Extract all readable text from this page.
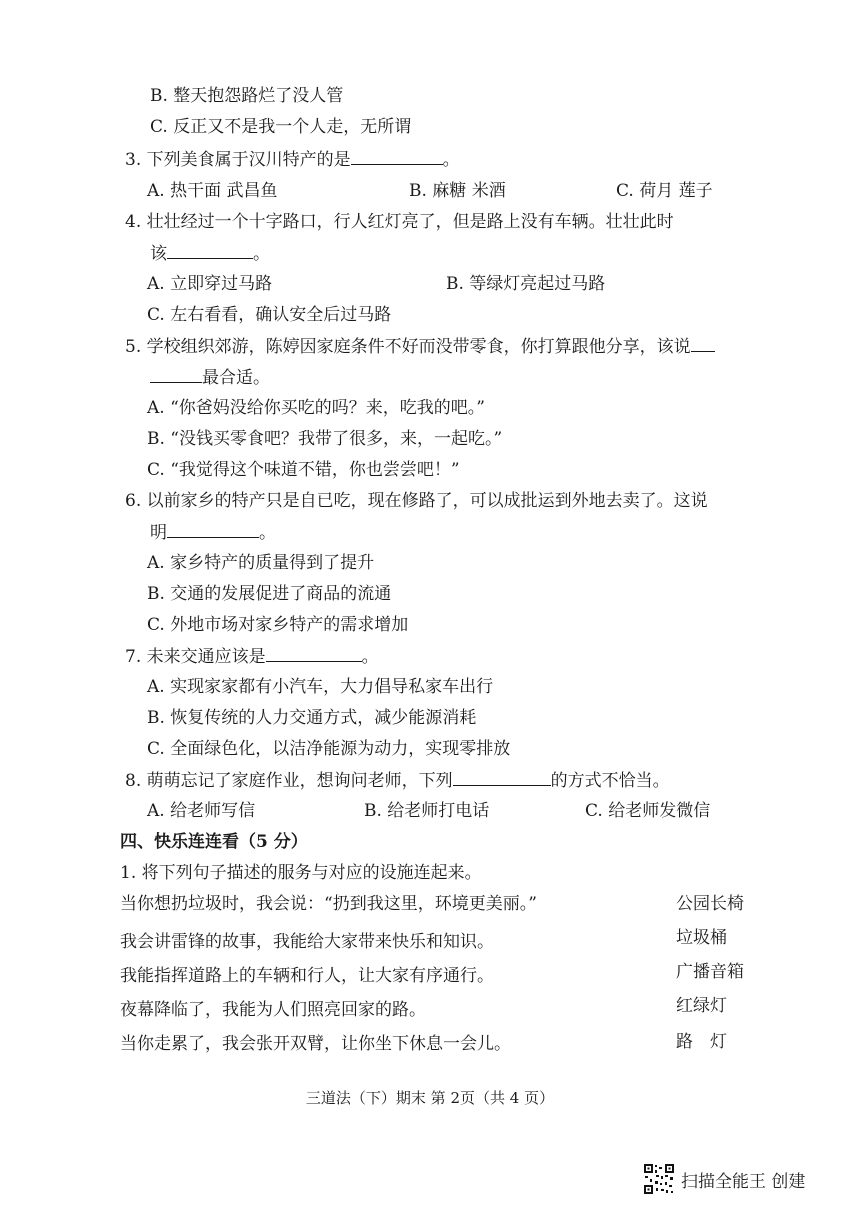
B. 整天抱怨路烂了没人管
C. 反正又不是我一个人走，无所谓
3. 下列美食属于汉川特产的是	。
A. 热干面 武昌鱼	B. 麻糖 米酒	C. 荷月 莲子
4. 壮壮经过一个十字路口，行人红灯亮了，但是路上没有车辆。壮壮此时
该	。
A. 立即穿过马路	B. 等绿灯亮起过马路
C. 左右看看，确认安全后过马路
5. 学校组织郊游，陈婷因家庭条件不好而没带零食，你打算跟他分享，该说
最合适。
A. “你爸妈没给你买吃的吗？来，吃我的吧。”
B. “没钱买零食吧？我带了很多，来，一起吃。”
C. “我觉得这个味道不错，你也尝尝吧！”
6. 以前家乡的特产只是自已吃，现在修路了，可以成批运到外地去卖了。这说
明	。
A. 家乡特产的质量得到了提升
B. 交通的发展促进了商品的流通
C. 外地市场对家乡特产的需求增加
7. 未来交通应该是	。
A. 实现家家都有小汽车，大力倡导私家车出行
B. 恢复传统的人力交通方式，减少能源消耗
C. 全面绿色化，以洁净能源为动力，实现零排放
8. 萌萌忘记了家庭作业，想询问老师，下列	的方式不恰当。
A. 给老师写信	B. 给老师打电话	C. 给老师发微信
四、快乐连连看（5 分）
1. 将下列句子描述的服务与对应的设施连起来。
当你想扔垃圾时，我会说：“扔到我这里，环境更美丽。”
我会讲雷锋的故事，我能给大家带来快乐和知识。
我能指挥道路上的车辆和行人，让大家有序通行。
夜幕降临了，我能为人们照亮回家的路。
当你走累了，我会张开双臂，让你坐下休息一会儿。
公园长椅
垃圾桶
广播音箱
红绿灯
路　灯
三道法（下）期末 第 2页（共 4 页）
扫描全能王 创建
